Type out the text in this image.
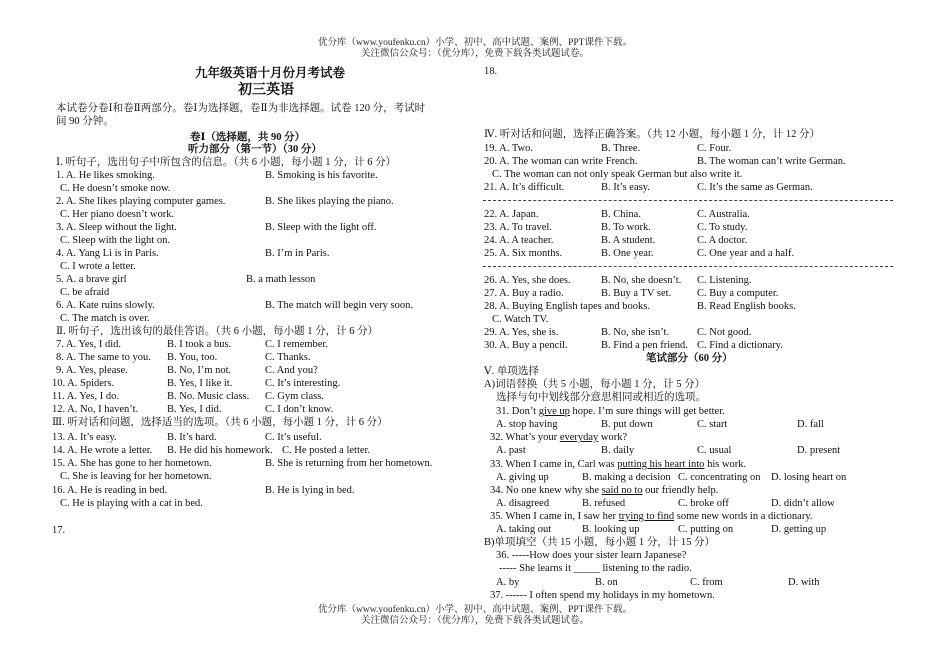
优分库（www.youfenku.cn）小学、初中、高中试题、案例、PPT课件下载。
关注微信公众号：（优分库），免费下载各类试题试卷。
九年级英语十月份月考试卷
初三英语
本试卷分卷Ⅰ和卷Ⅱ两部分。卷Ⅰ为选择题，卷Ⅱ为非选择题。试卷 120 分，考试时
间 90 分钟。
卷Ⅰ（选择题，共 90 分）
听力部分（第一节）（30 分）
Ⅰ. 听句子，选出句子中所包含的信息。（共 6 小题，每小题 1 分，计 6 分）
1. A. He likes smoking.	B. Smoking is his favorite.
C. He doesn’t smoke now.
2. A. She likes playing computer games.	B. She likes playing the piano.
C. Her piano doesn’t work.
3. A. Sleep without the light.	B. Sleep with the light off.
C. Sleep with the light on.
4. A. Yang Li is in Paris.	B. I’m in Paris.
C. I wrote a letter.
5. A. a brave girl	B. a math lesson
C. be afraid
6. A. Kate ruins slowly.	B. The match will begin very soon.
C. The match is over.
Ⅱ. 听句子，选出该句的最佳答语。（共 6 小题，每小题 1 分，计 6 分）
7. A. Yes, I did.	B. I took a bus.	C. I remember.
8. A. The same to you. B. You, too.	C. Thanks.
9. A. Yes, please.	B. No, I’m not.	C. And you?
10. A. Spiders.	B. Yes, I like it.	C. It’s interesting.
11. A. Yes, I do.	B. No. Music class. C. Gym class.
12. A. No, I haven’t.	B. Yes, I did.	C. I don’t know.
Ⅲ. 听对话和问题，选择适当的选项。（共 6 小题，每小题 1 分，计 6 分）
13. A. It’s easy.	B. It’s hard.	C. It’s useful.
14. A. He wrote a letter. B. He did his homework. C. He posted a letter.
15. A. She has gone to her hometown.	B. She is returning from her hometown.
C. She is leaving for her hometown.
16. A. He is reading in bed.	B. He is lying in bed.
C. He is playing with a cat in bed.
17.
18.
Ⅳ. 听对话和问题，选择正确答案。（共 12 小题，每小题 1 分，计 12 分）
19. A. Two.	B. Three.	C. Four.
20. A. The woman can write French.	B. The woman can’t write German.
C. The woman can not only speak German but also write it.
21. A. It’s difficult.	B. It’s easy.	C. It’s the same as German.
22. A. Japan.	B. China.	C. Australia.
23. A. To travel.	B. To work.	C. To study.
24. A. A teacher.	B. A student.	C. A doctor.
25. A. Six months.	B. One year.	C. One year and a half.
26. A. Yes, she does.	B. No, she doesn’t. C. Listening.
27. A. Buy a radio.	B. Buy a TV set. C. Buy a computer.
28. A. Buying English tapes and books.	B. Read English books.
C. Watch TV.
29. A. Yes, she is.	B. No, she isn’t.	C. Not good.
30. A. Buy a pencil.	B. Find a pen friend. C. Find a dictionary.
笔试部分（60 分）
Ⅴ. 单项选择
A)词语替换（共 5 小题，每小题 1 分，计 5 分）
选择与句中划线部分意思相同或相近的选项。
31. Don’t give up hope. I’m sure things will get better.
A. stop having	B. put down	C. start	D. fall
32. What’s your everyday work?
A. past	B. daily	C. usual	D. present
33. When I came in, Carl was putting his heart into his work.
A. giving up	B. making a decision C. concentrating on D. losing heart on
34. No one knew why she said no to our friendly help.
A. disagreed	B. refused	C. broke off	D. didn’t allow
35. When I came in, I saw her trying to find some new words in a dictionary.
A. taking out	B. looking up	C. putting on	D. getting up
B)单项填空（共 15 小题，每小题 1 分，计 15 分）
36. -----How does your sister learn Japanese?
----- She learns it _____ listening to the radio.
A. by	B. on	C. from	D. with
37. ------ I often spend my holidays in my hometown.
优分库（www.youfenku.cn）小学、初中、高中试题、案例、PPT课件下载。
关注微信公众号：（优分库），免费下载各类试题试卷。
